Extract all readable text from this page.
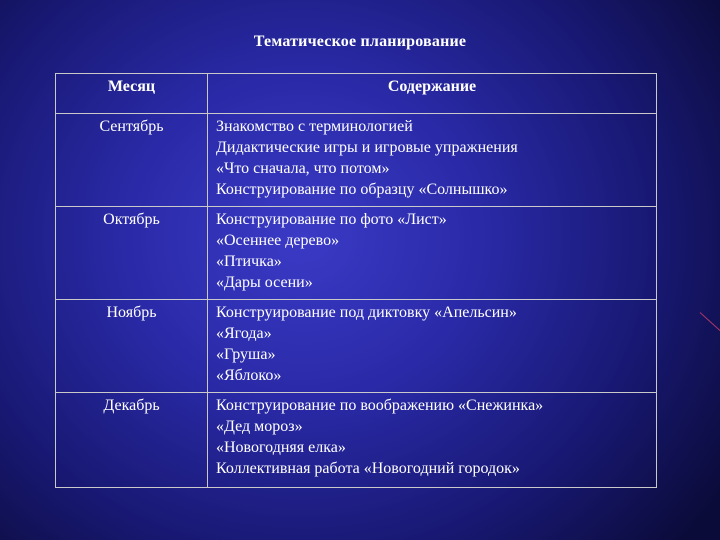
Тематическое планирование
Месяц	Содержание
Сентябрь	Знакомство с терминологией
Дидактические игры и игровые упражнения
«Что сначала, что потом»
Конструирование по образцу «Солнышко»

Октябрь	Конструирование по фото «Лист»
«Осеннее дерево»
«Птичка»
«Дары осени»

Ноябрь	Конструирование под диктовку «Апельсин»
«Ягода»
«Груша»
«Яблоко»

Декабрь	Конструирование по воображению «Снежинка»
«Дед мороз»
«Новогодняя елка»
Коллективная работа «Новогодний городок»
